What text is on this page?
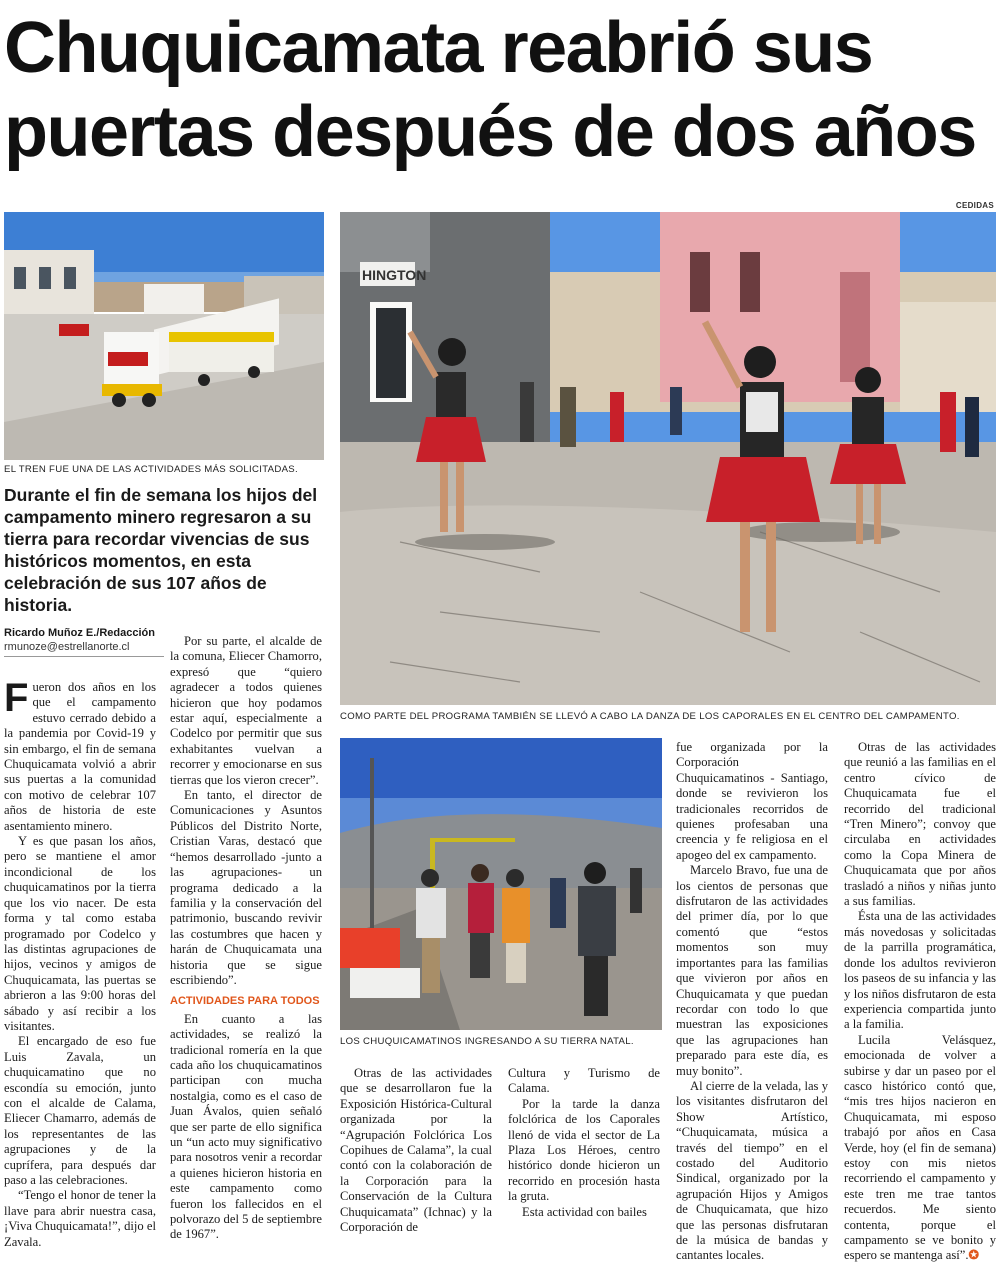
Chuquicamata reabrió sus
puertas después de dos años
CEDIDAS
EL TREN FUE UNA DE LAS ACTIVIDADES MÁS SOLICITADAS.
HINGTON
COMO PARTE DEL PROGRAMA TAMBIÉN SE LLEVÓ A CABO LA DANZA DE LOS CAPORALES EN EL CENTRO DEL CAMPAMENTO.
LOS CHUQUICAMATINOS INGRESANDO A SU TIERRA NATAL.

Durante el fin de semana los hijos del campamento minero regresaron a su tierra para recordar vivencias de sus históricos momentos, en esta celebración de sus 107 años de historia.

Ricardo Muñoz E./Redacción
rmunoze@estrellanorte.cl

Fueron dos años en los que el campamento estuvo cerrado debido a la pandemia por Covid-19 y sin embargo, el fin de semana Chuquicamata volvió a abrir sus puertas a la comunidad con motivo de celebrar 107 años de historia de este asentamiento minero.

Y es que pasan los años, pero se mantiene el amor incondicional de los chuquicamatinos por la tierra que los vio nacer. De esta forma y tal como estaba programado por Codelco y las distintas agrupaciones de hijos, vecinos y amigos de Chuquicamata, las puertas se abrieron a las 9:00 horas del sábado y así recibir a los visitantes.

El encargado de eso fue Luis Zavala, un chuquicamatino que no escondía su emoción, junto con el alcalde de Calama, Eliecer Chamarro, además de los representantes de las agrupaciones y de la cuprífera, para después dar paso a las celebraciones.

“Tengo el honor de tener la llave para abrir nuestra casa, ¡Viva Chuquicamata!”, dijo el Zavala.

Por su parte, el alcalde de la comuna, Eliecer Chamorro, expresó que “quiero agradecer a todos quienes hicieron que hoy podamos estar aquí, especialmente a Codelco por permitir que sus exhabitantes vuelvan a recorrer y emocionarse en sus tierras que los vieron crecer”.

En tanto, el director de Comunicaciones y Asuntos Públicos del Distrito Norte, Cristian Varas, destacó que “hemos desarrollado -junto a las agrupaciones- un programa dedicado a la familia y la conservación del patrimonio, buscando revivir las costumbres que hacen y harán de Chuquicamata una historia que se sigue escribiendo”.

ACTIVIDADES PARA TODOS

En cuanto a las actividades, se realizó la tradicional romería en la que cada año los chuquicamatinos participan con mucha nostalgia, como es el caso de Juan Ávalos, quien señaló que ser parte de ello significa un “un acto muy significativo para nosotros venir a recordar a quienes hicieron historia en este campamento como fueron los fallecidos en el polvorazo del 5 de septiembre de 1967”.

Otras de las actividades que se desarrollaron fue la Exposición Histórica-Cultural organizada por la “Agrupación Folclórica Los Copihues de Calama”, la cual contó con la colaboración de la Corporación para la Conservación de la Cultura Chuquicamata” (Ichnac) y la Corporación de

Cultura y Turismo de Calama.

Por la tarde la danza folclórica de los Caporales llenó de vida el sector de La Plaza Los Héroes, centro histórico donde hicieron un recorrido en procesión hasta la gruta.

Esta actividad con bailes

fue organizada por la Corporación Chuquicamatinos - Santiago, donde se revivieron los tradicionales recorridos de quienes profesaban una creencia y fe religiosa en el apogeo del ex campamento.

Marcelo Bravo, fue una de los cientos de personas que disfrutaron de las actividades del primer día, por lo que comentó que “estos momentos son muy importantes para las familias que vivieron por años en Chuquicamata y que puedan recordar con todo lo que muestran las exposiciones que las agrupaciones han preparado para este día, es muy bonito”.

Al cierre de la velada, las y los visitantes disfrutaron del Show Artístico, “Chuquicamata, música a través del tiempo” en el costado del Auditorio Sindical, organizado por la agrupación Hijos y Amigos de Chuquicamata, que hizo que las personas disfrutaran de la música de bandas y cantantes locales.

Otras de las actividades que reunió a las familias en el centro cívico de Chuquicamata fue el recorrido del tradicional “Tren Minero”; convoy que circulaba en actividades como la Copa Minera de Chuquicamata que por años trasladó a niños y niñas junto a sus familias.

Ésta una de las actividades más novedosas y solicitadas de la parrilla programática, donde los adultos revivieron los paseos de su infancia y las y los niños disfrutaron de esta experiencia compartida junto a la familia.

Lucila Velásquez, emocionada de volver a subirse y dar un paseo por el casco histórico contó que, “mis tres hijos nacieron en Chuquicamata, mi esposo trabajó por años en Casa Verde, hoy (el fin de semana) estoy con mis nietos recorriendo el campamento y este tren me trae tantos recuerdos. Me siento contenta, porque el campamento se ve bonito y espero se mantenga así”.✪
